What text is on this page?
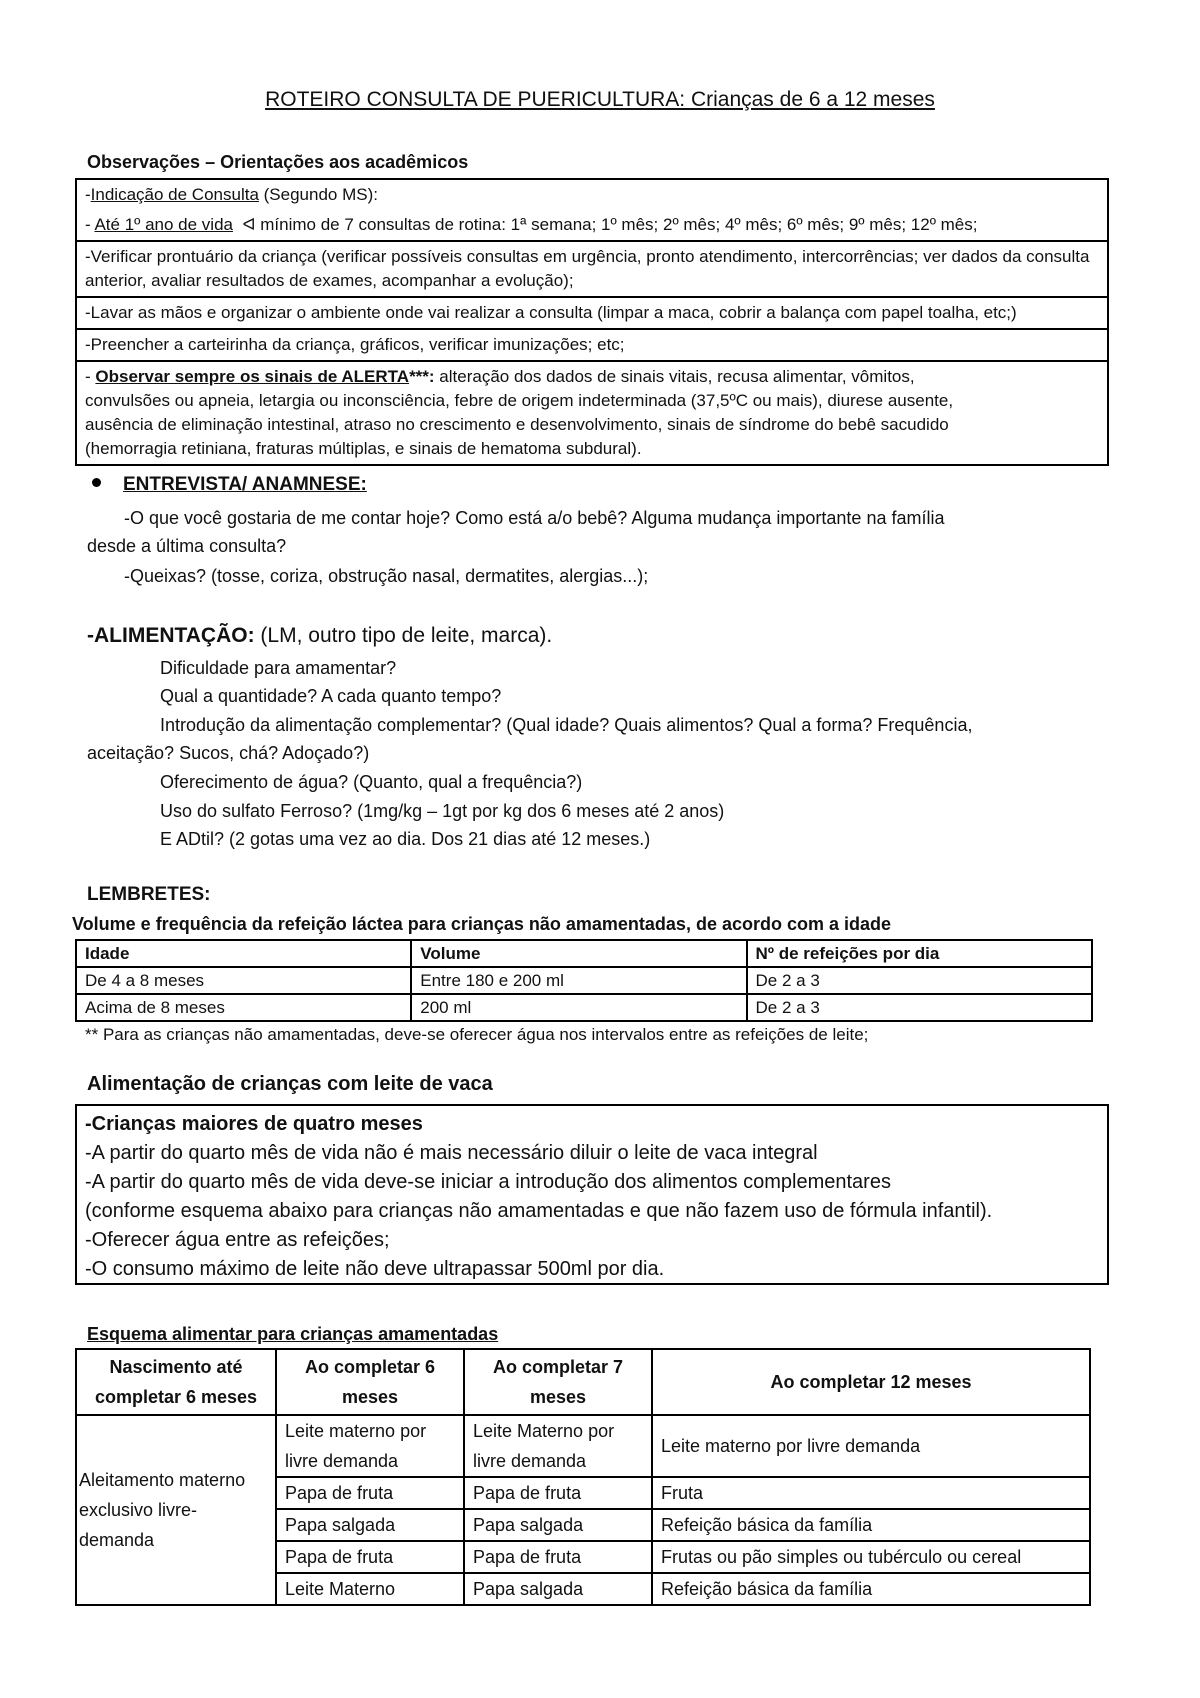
ROTEIRO CONSULTA DE PUERICULTURA: Crianças de 6 a 12 meses
Observações – Orientações aos acadêmicos
-Indicação de Consulta (Segundo MS):
- Até 1º ano de vida ⁠ ᐊ mínimo de 7 consultas de rotina: 1ª semana; 1º mês; 2º mês; 4º mês; 6º mês; 9º mês; 12º mês;
-Verificar prontuário da criança (verificar possíveis consultas em urgência, pronto atendimento, intercorrências; ver dados da consulta anterior, avaliar resultados de exames, acompanhar a evolução);
-Lavar as mãos e organizar o ambiente onde vai realizar a consulta (limpar a maca, cobrir a balança com papel toalha, etc;)
-Preencher a carteirinha da criança, gráficos, verificar imunizações; etc;
- Observar sempre os sinais de ALERTA***: alteração dos dados de sinais vitais, recusa alimentar, vômitos,
convulsões ou apneia, letargia ou inconsciência, febre de origem indeterminada (37,5ºC ou mais), diurese ausente,
ausência de eliminação intestinal, atraso no crescimento e desenvolvimento, sinais de síndrome do bebê sacudido
(hemorragia retiniana, fraturas múltiplas, e sinais de hematoma subdural).
ENTREVISTA/ ANAMNESE:
-O que você gostaria de me contar hoje? Como está a/o bebê? Alguma mudança importante na família
desde a última consulta?
-Queixas? (tosse, coriza, obstrução nasal, dermatites, alergias...);
-ALIMENTAÇÃO: (LM, outro tipo de leite, marca).
Dificuldade para amamentar?
Qual a quantidade? A cada quanto tempo?
Introdução da alimentação complementar? (Qual idade? Quais alimentos? Qual a forma? Frequência,
aceitação? Sucos, chá? Adoçado?)
Oferecimento de água? (Quanto, qual a frequência?)
Uso do sulfato Ferroso? (1mg/kg – 1gt por kg dos 6 meses até 2 anos)
E ADtil? (2 gotas uma vez ao dia. Dos 21 dias até 12 meses.)
LEMBRETES:
Volume e frequência da refeição láctea para crianças não amamentadas, de acordo com a idade
Idade	Volume	Nº de refeições por dia
De 4 a 8 meses	Entre 180 e 200 ml	De 2 a 3
Acima de 8 meses	200 ml	De 2 a 3
** Para as crianças não amamentadas, deve-se oferecer água nos intervalos entre as refeições de leite;
Alimentação de crianças com leite de vaca
-Crianças maiores de quatro meses
-A partir do quarto mês de vida não é mais necessário diluir o leite de vaca integral
-A partir do quarto mês de vida deve-se iniciar a introdução dos alimentos complementares
(conforme esquema abaixo para crianças não amamentadas e que não fazem uso de fórmula infantil).
-Oferecer água entre as refeições;
-O consumo máximo de leite não deve ultrapassar 500ml por dia.
Esquema alimentar para crianças amamentadas
Nascimento até completar 6 meses	Ao completar 6 meses	Ao completar 7 meses	Ao completar 12 meses
Aleitamento materno exclusivo livre-demanda	Leite materno por livre demanda	Leite Materno por livre demanda	Leite materno por livre demanda
	Papa de fruta	Papa de fruta	Fruta
	Papa salgada	Papa salgada	Refeição básica da família
	Papa de fruta	Papa de fruta	Frutas ou pão simples ou tubérculo ou cereal
	Leite Materno	Papa salgada	Refeição básica da família
